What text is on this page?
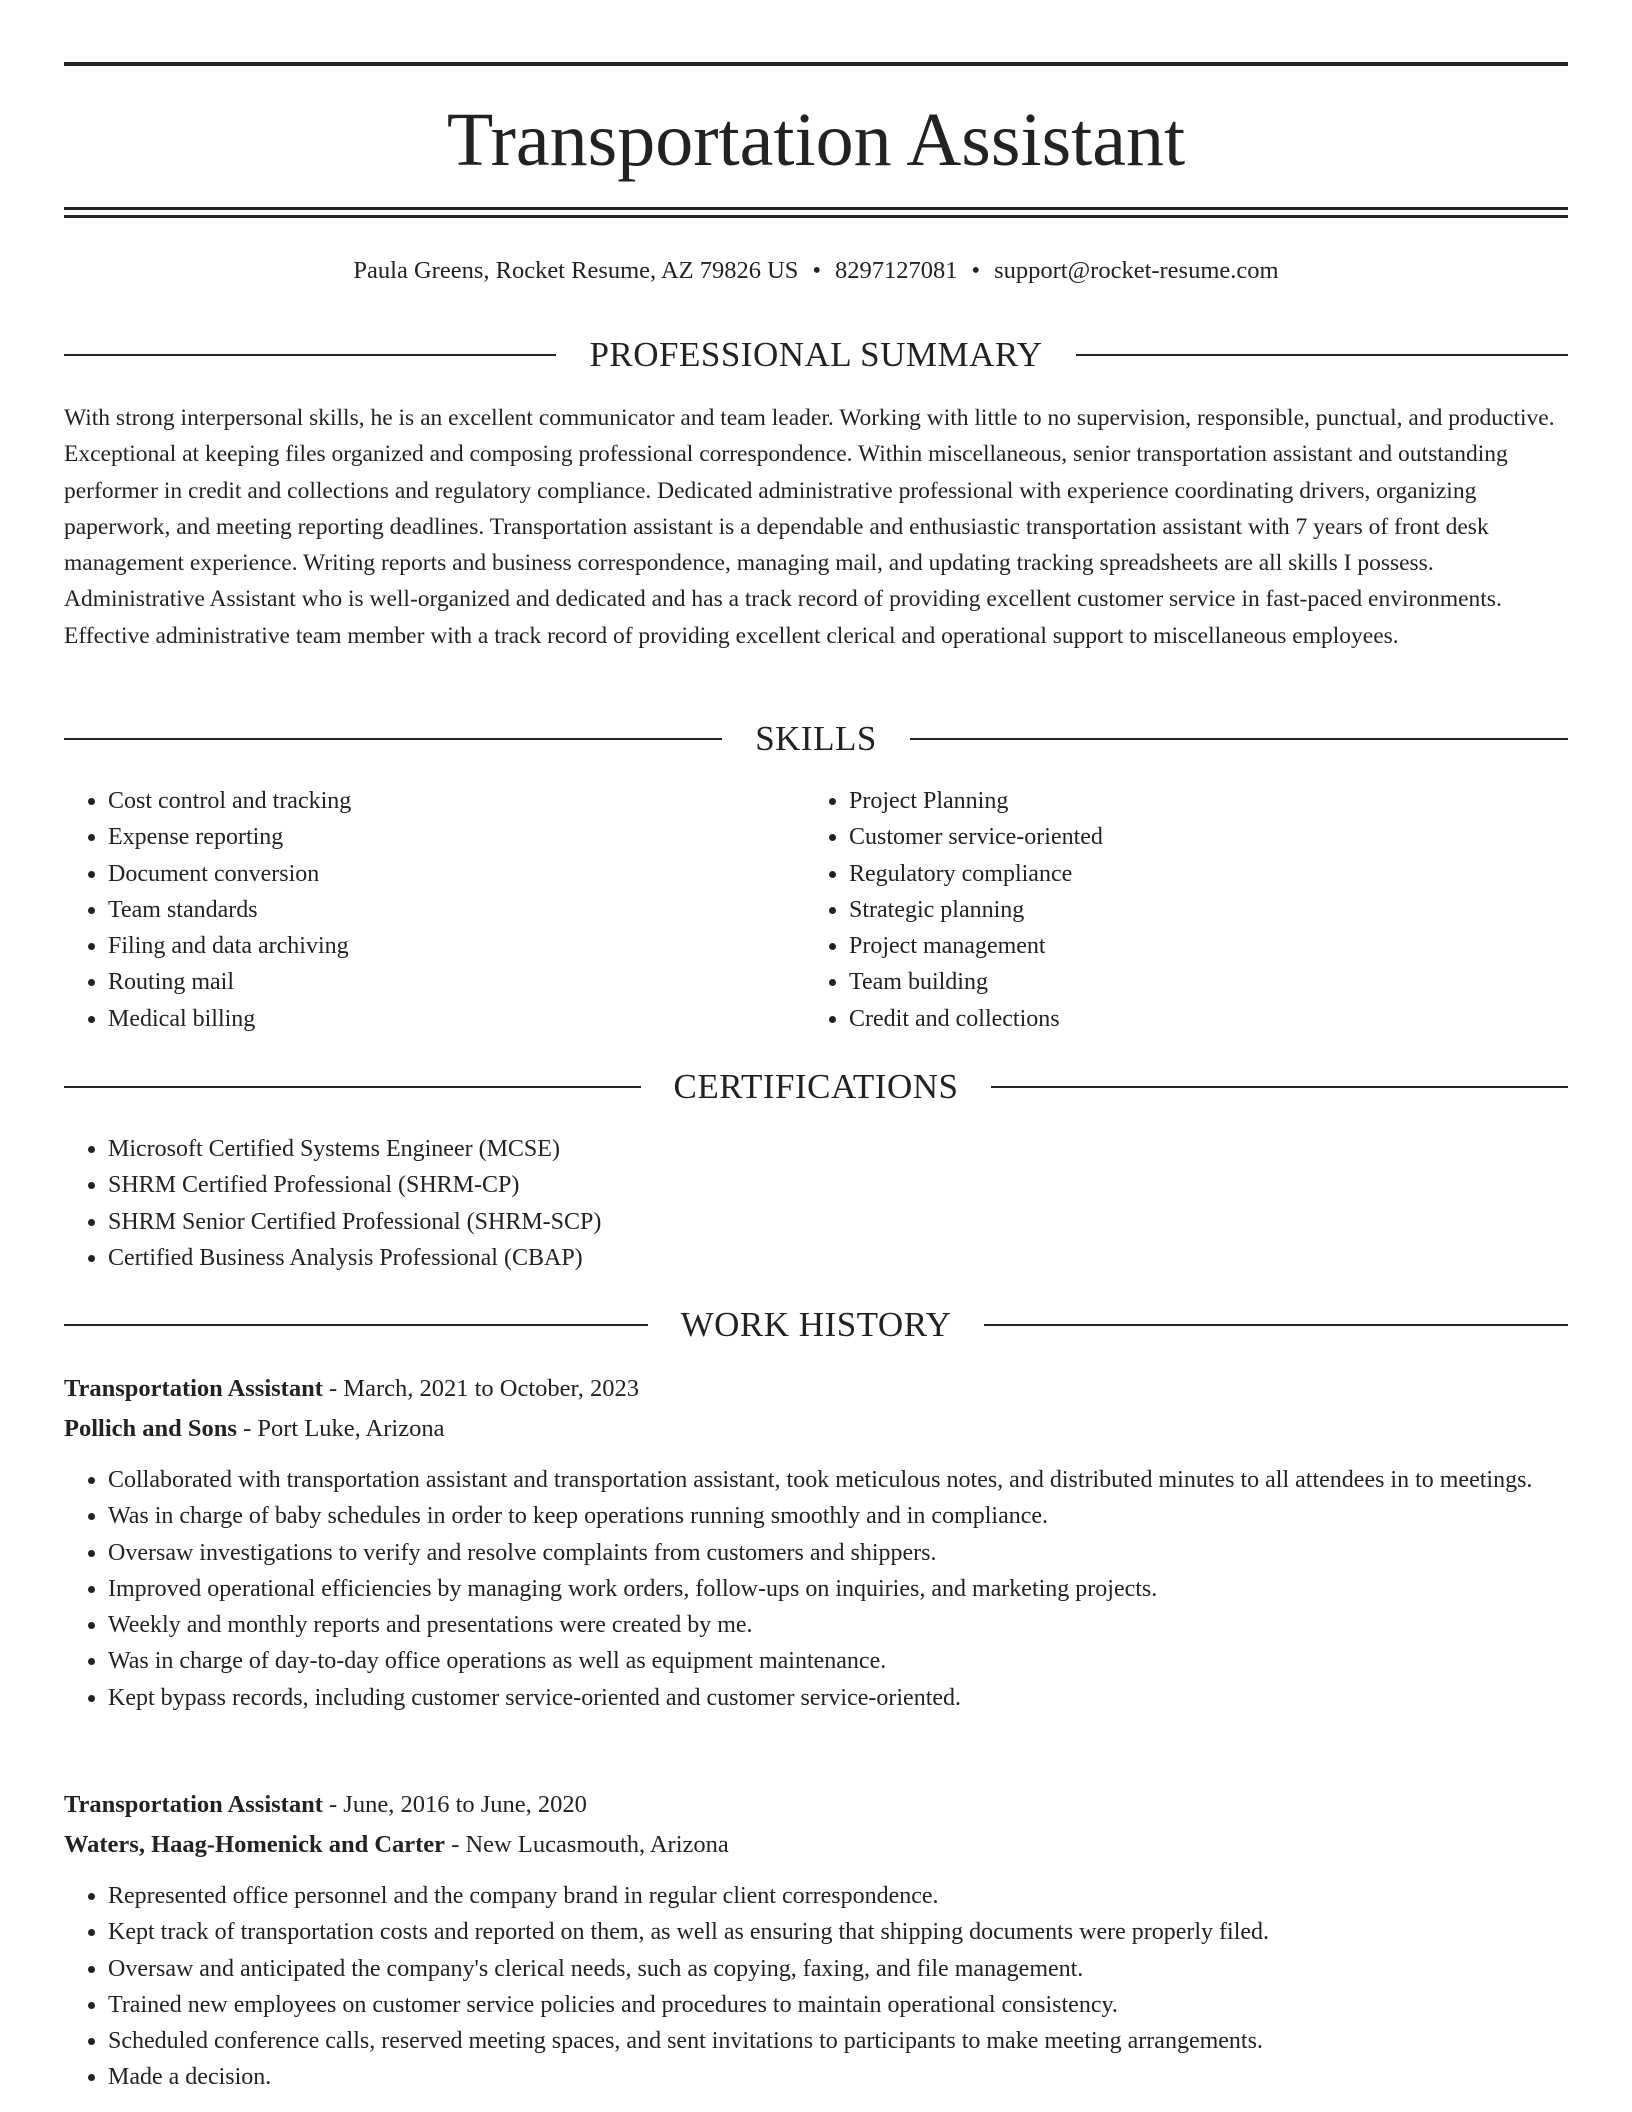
Transportation Assistant
Paula Greens, Rocket Resume, AZ 79826 US • 8297127081 • support@rocket-resume.com
PROFESSIONAL SUMMARY

With strong interpersonal skills, he is an excellent communicator and team leader. Working with little to no supervision, responsible, punctual, and productive. Exceptional at keeping files organized and composing professional correspondence. Within miscellaneous, senior transportation assistant and outstanding performer in credit and collections and regulatory compliance. Dedicated administrative professional with experience coordinating drivers, organizing paperwork, and meeting reporting deadlines. Transportation assistant is a dependable and enthusiastic transportation assistant with 7 years of front desk management experience. Writing reports and business correspondence, managing mail, and updating tracking spreadsheets are all skills I possess. Administrative Assistant who is well-organized and dedicated and has a track record of providing excellent customer service in fast-paced environments. Effective administrative team member with a track record of providing excellent clerical and operational support to miscellaneous employees.

SKILLS
• Cost control and tracking
• Expense reporting
• Document conversion
• Team standards
• Filing and data archiving
• Routing mail
• Medical billing
• Project Planning
• Customer service-oriented
• Regulatory compliance
• Strategic planning
• Project management
• Team building
• Credit and collections
CERTIFICATIONS
• Microsoft Certified Systems Engineer (MCSE)
• SHRM Certified Professional (SHRM-CP)
• SHRM Senior Certified Professional (SHRM-SCP)
• Certified Business Analysis Professional (CBAP)
WORK HISTORY
Transportation Assistant - March, 2021 to October, 2023
Pollich and Sons - Port Luke, Arizona
• Collaborated with transportation assistant and transportation assistant, took meticulous notes, and distributed minutes to all attendees in to meetings.
• Was in charge of baby schedules in order to keep operations running smoothly and in compliance.
• Oversaw investigations to verify and resolve complaints from customers and shippers.
• Improved operational efficiencies by managing work orders, follow-ups on inquiries, and marketing projects.
• Weekly and monthly reports and presentations were created by me.
• Was in charge of day-to-day office operations as well as equipment maintenance.
• Kept bypass records, including customer service-oriented and customer service-oriented.
Transportation Assistant - June, 2016 to June, 2020
Waters, Haag-Homenick and Carter - New Lucasmouth, Arizona
• Represented office personnel and the company brand in regular client correspondence.
• Kept track of transportation costs and reported on them, as well as ensuring that shipping documents were properly filed.
• Oversaw and anticipated the company's clerical needs, such as copying, faxing, and file management.
• Trained new employees on customer service policies and procedures to maintain operational consistency.
• Scheduled conference calls, reserved meeting spaces, and sent invitations to participants to make meeting arrangements.
• Made a decision.
